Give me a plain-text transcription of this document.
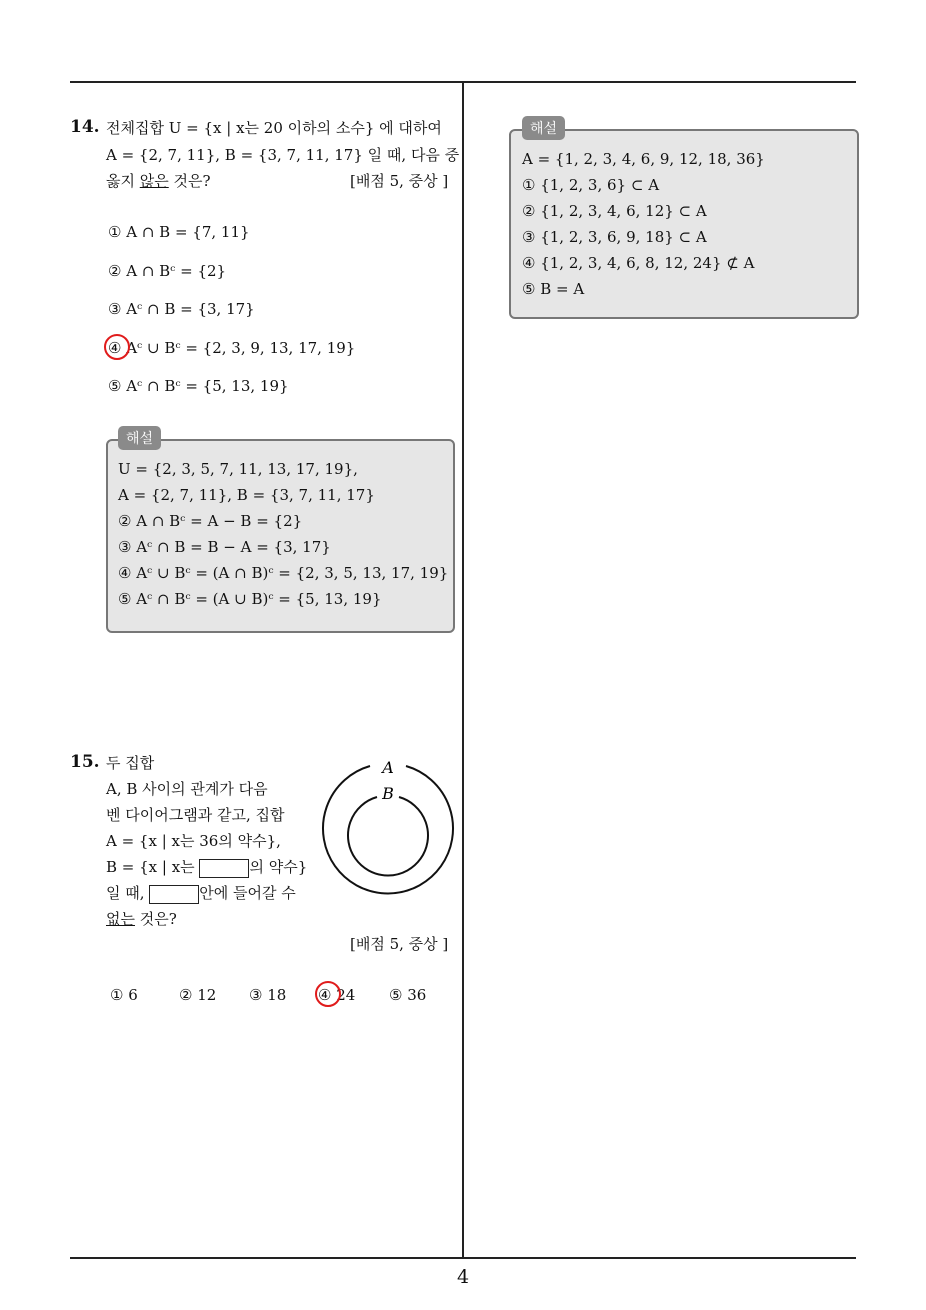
14. 전체집합 U = {x | x는 20 이하의 소수} 에 대하여
A = {2, 7, 11}, B = {3, 7, 11, 17} 일 때, 다음 중
옳지 않은 것은?	[배점 5, 중상 ]
① A ∩ B = {7, 11}
② A ∩ Bᶜ = {2}
③ Aᶜ ∩ B = {3, 17}
④ Aᶜ ∪ Bᶜ = {2, 3, 9, 13, 17, 19}
⑤ Aᶜ ∩ Bᶜ = {5, 13, 19}
해설
U = {2, 3, 5, 7, 11, 13, 17, 19},
A = {2, 7, 11}, B = {3, 7, 11, 17}
② A ∩ Bᶜ = A − B = {2}
③ Aᶜ ∩ B = B − A = {3, 17}
④ Aᶜ ∪ Bᶜ = (A ∩ B)ᶜ = {2, 3, 5, 13, 17, 19}
⑤ Aᶜ ∩ Bᶜ = (A ∪ B)ᶜ = {5, 13, 19}
15. 두 집합
A, B 사이의 관계가 다음
벤 다이어그램과 같고, 집합
A = {x | x는 36의 약수},
B = {x | x는	의 약수}
일 때,	안에 들어갈 수
없는 것은?
[배점 5, 중상 ]
A
B
① 6	② 12 ③ 18 ④ 24 ⑤ 36
해설
A = {1, 2, 3, 4, 6, 9, 12, 18, 36}
① {1, 2, 3, 6} ⊂ A
② {1, 2, 3, 4, 6, 12} ⊂ A
③ {1, 2, 3, 6, 9, 18} ⊂ A
④ {1, 2, 3, 4, 6, 8, 12, 24} ⊄ A
⑤ B = A
4
